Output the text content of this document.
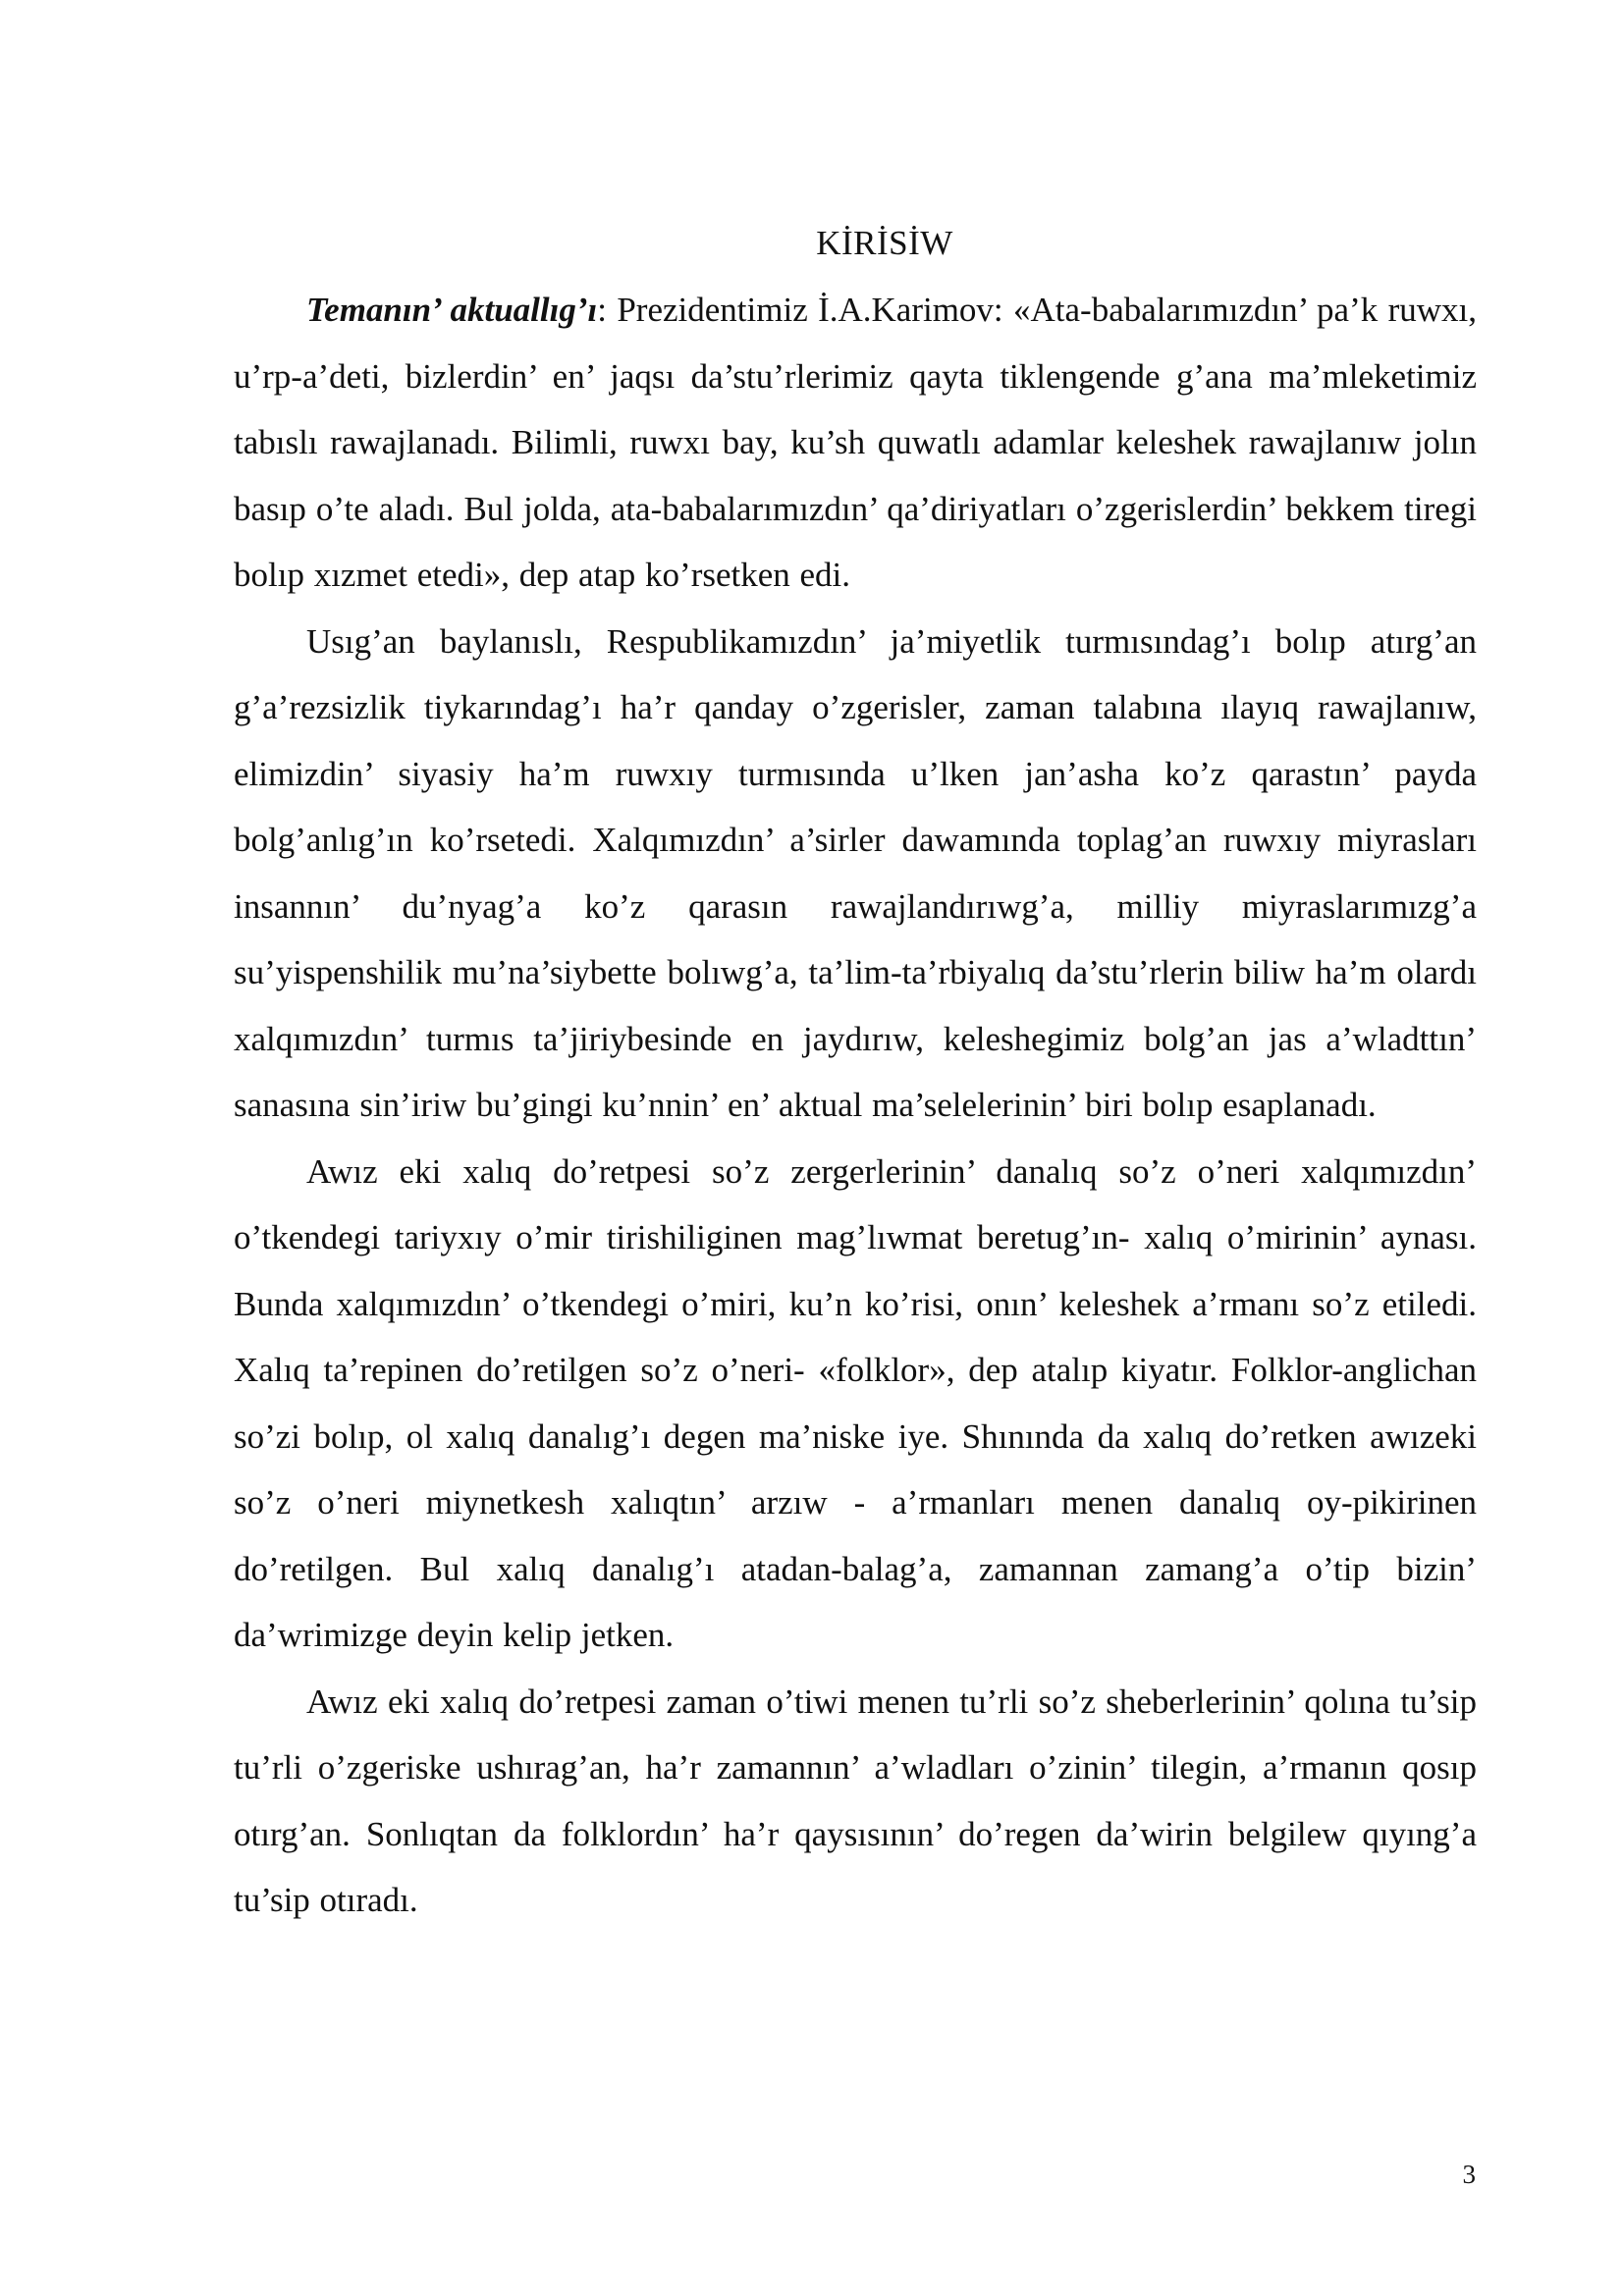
KİRİSİW

Temanın’ aktuallıg’ı: Prezidentimiz İ.A.Karimov: «Ata-babalarımızdın’ pa’k ruwxı, u’rp-a’deti, bizlerdin’ en’ jaqsı da’stu’rlerimiz qayta tiklengende g’ana ma’mleketimiz tabıslı rawajlanadı. Bilimli, ruwxı bay, ku’sh quwatlı adamlar keleshek rawajlanıw jolın basıp o’te aladı. Bul jolda, ata-babalarımızdın’ qa’diriyatları o’zgerislerdin’ bekkem tiregi bolıp xızmet etedi», dep atap ko’rsetken edi.

Usıg’an baylanıslı, Respublikamızdın’ ja’miyetlik turmısındag’ı bolıp atırg’an g’a’rezsizlik tiykarındag’ı ha’r qanday o’zgerisler, zaman talabına ılayıq rawajlanıw, elimizdin’ siyasiy ha’m ruwxıy turmısında u’lken jan’asha ko’z qarastın’ payda bolg’anlıg’ın ko’rsetedi. Xalqımızdın’ a’sirler dawamında toplag’an ruwxıy miyrasları insannın’ du’nyag’a ko’z qarasın rawajlandırıwg’a, milliy miyraslarımızg’a su’yispenshilik mu’na’siybette bolıwg’a, ta’lim-ta’rbiyalıq da’stu’rlerin biliw ha’m olardı xalqımızdın’ turmıs ta’jiriybesinde en jaydırıw, keleshegimiz bolg’an jas a’wladttın’ sanasına sin’iriw bu’gingi ku’nnin’ en’ aktual ma’selelerinin’ biri bolıp esaplanadı.

Awız eki xalıq do’retpesi so’z zergerlerinin’ danalıq so’z o’neri xalqımızdın’ o’tkendegi tariyxıy o’mir tirishiliginen mag’lıwmat beretug’ın- xalıq o’mirinin’ aynası. Bunda xalqımızdın’ o’tkendegi o’miri, ku’n ko’risi, onın’ keleshek a’rmanı so’z etiledi. Xalıq ta’repinen do’retilgen so’z o’neri- «folklor», dep atalıp kiyatır. Folklor-anglichan so’zi bolıp, ol xalıq danalıg’ı degen ma’niske iye. Shınında da xalıq do’retken awızeki so’z o’neri miynetkesh xalıqtın’ arzıw - a’rmanları menen danalıq oy-pikirinen do’retilgen. Bul xalıq danalıg’ı atadan-balag’a, zamannan zamang’a o’tip bizin’ da’wrimizge deyin kelip jetken.

Awız eki xalıq do’retpesi zaman o’tiwi menen tu’rli so’z sheberlerinin’ qolına tu’sip tu’rli o’zgeriske ushırag’an, ha’r zamannın’ a’wladları o’zinin’ tilegin, a’rmanın qosıp otırg’an. Sonlıqtan da folklordın’ ha’r qaysısının’ do’regen da’wirin belgilew qıyıng’a tu’sip otıradı.

3
